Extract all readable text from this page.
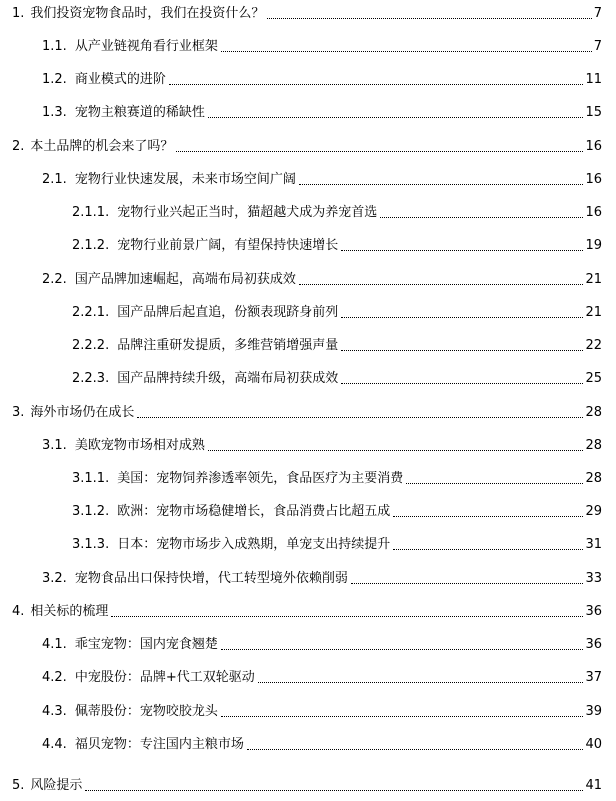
1. 我们投资宠物食品时，我们在投资什么？	7
1.1. 从产业链视角看行业框架	7
1.2. 商业模式的进阶	11
1.3. 宠物主粮赛道的稀缺性	15
2. 本土品牌的机会来了吗？	16
2.1. 宠物行业快速发展，未来市场空间广阔	16
2.1.1. 宠物行业兴起正当时，猫超越犬成为养宠首选	16
2.1.2. 宠物行业前景广阔，有望保持快速增长	19
2.2. 国产品牌加速崛起，高端布局初获成效	21
2.2.1. 国产品牌后起直追，份额表现跻身前列	21
2.2.2. 品牌注重研发提质，多维营销增强声量	22
2.2.3. 国产品牌持续升级，高端布局初获成效	25
3. 海外市场仍在成长	28
3.1. 美欧宠物市场相对成熟	28
3.1.1. 美国：宠物饲养渗透率领先，食品医疗为主要消费	28
3.1.2. 欧洲：宠物市场稳健增长，食品消费占比超五成	29
3.1.3. 日本：宠物市场步入成熟期，单宠支出持续提升	31
3.2. 宠物食品出口保持快增，代工转型境外依赖削弱	33
4. 相关标的梳理	36
4.1. 乖宝宠物：国内宠食翘楚	36
4.2. 中宠股份：品牌+代工双轮驱动	37
4.3. 佩蒂股份：宠物咬胶龙头	39
4.4. 福贝宠物：专注国内主粮市场	40
5. 风险提示	41
